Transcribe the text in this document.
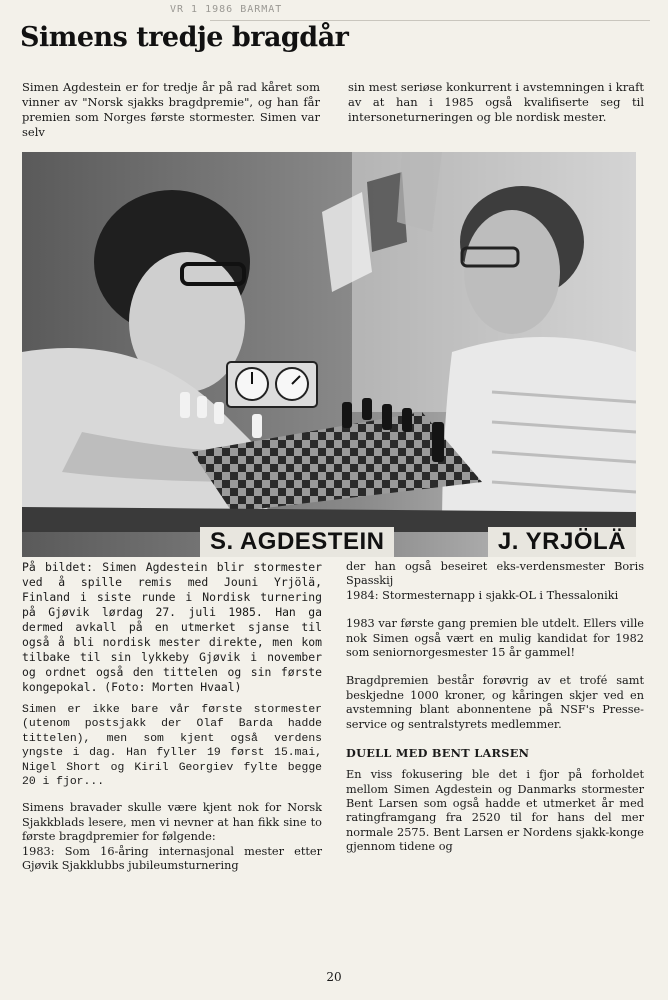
VR 1 1986 BARMAT
Simens tredje bragdår
Simen Agdestein er for tredje år på rad kåret som vinner av "Norsk sjakks bragdpremie", og han får premien som Norges første stormester. Simen var selv
sin mest seriøse konkurrent i avstemningen i kraft av at han i 1985 også kvalifiserte seg til intersoneturneringen og ble nordisk mester.
S. AGDESTEIN	J. YRJÖLÄ

På bildet: Simen Agdestein blir stormester ved å spille remis med Jouni Yrjölä, Finland i siste runde i Nordisk turnering på Gjøvik lørdag 27. juli 1985. Han ga dermed avkall på en utmerket sjanse til også å bli nordisk mester direkte, men kom tilbake til sin lykkeby Gjøvik i november og ordnet også den tittelen og sin første kongepokal. (Foto: Morten Hvaal)

Simen er ikke bare vår første stormester (utenom postsjakk der Olaf Barda hadde tittelen), men som kjent også verdens yngste i dag. Han fyller 19 først 15.mai, Nigel Short og Kiril Georgiev fylte begge 20 i fjor...

Simens bravader skulle være kjent nok for Norsk Sjakkblads lesere, men vi nevner at han fikk sine to første bragdpremier for følgende:

1983: Som 16-åring internasjonal mester etter Gjøvik Sjakklubbs jubileumsturnering

der han også beseiret eks-verdensmester Boris Spasskij

1984: Stormesternapp i sjakk-OL i Thessaloniki

1983 var første gang premien ble utdelt. Ellers ville nok Simen også vært en mulig kandidat for 1982 som seniornorgesmester 15 år gammel!

Bragdpremien består forøvrig av et trofé samt beskjedne 1000 kroner, og kåringen skjer ved en avstemning blant abonnentene på NSF's Presse-service og sentralstyrets medlemmer.

DUELL MED BENT LARSEN

En viss fokusering ble det i fjor på forholdet mellom Simen Agdestein og Danmarks stormester Bent Larsen som også hadde et utmerket år med ratingframgang fra 2520 til for hans del mer normale 2575. Bent Larsen er Nordens sjakk-konge gjennom tidene og

20
